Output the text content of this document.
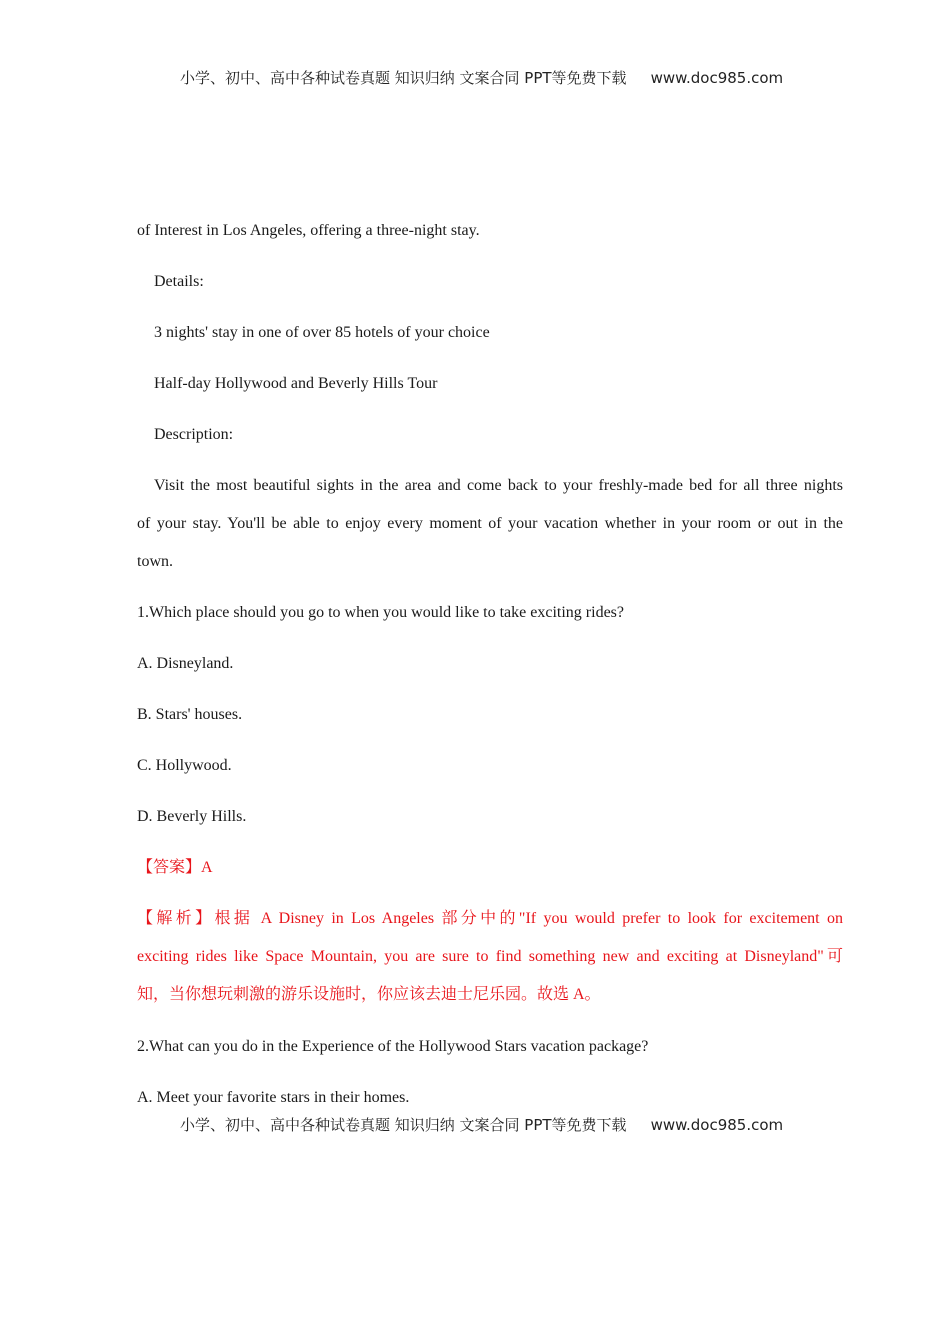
小学、初中、高中各种试卷真题 知识归纳 文案合同 PPT等免费下载 www.doc985.com
of Interest in Los Angeles, offering a three-night stay.
Details:
3 nights' stay in one of over 85 hotels of your choice
Half-day Hollywood and Beverly Hills Tour
Description:
Visit the most beautiful sights in the area and come back to your freshly-made bed for all three nights
of your stay. You'll be able to enjoy every moment of your vacation whether in your room or out in the
town.
1.Which place should you go to when you would like to take exciting rides?
A. Disneyland.
B. Stars' houses.
C. Hollywood.
D. Beverly Hills.
【答案】A
【解析】根据 A Disney in Los Angeles 部分中的"If you would prefer to look for excitement on
exciting rides like Space Mountain, you are sure to find something new and exciting at Disneyland"可
知，当你想玩刺激的游乐设施时，你应该去迪士尼乐园。故选 A。
2.What can you do in the Experience of the Hollywood Stars vacation package?
A. Meet your favorite stars in their homes.
小学、初中、高中各种试卷真题 知识归纳 文案合同 PPT等免费下载 www.doc985.com
